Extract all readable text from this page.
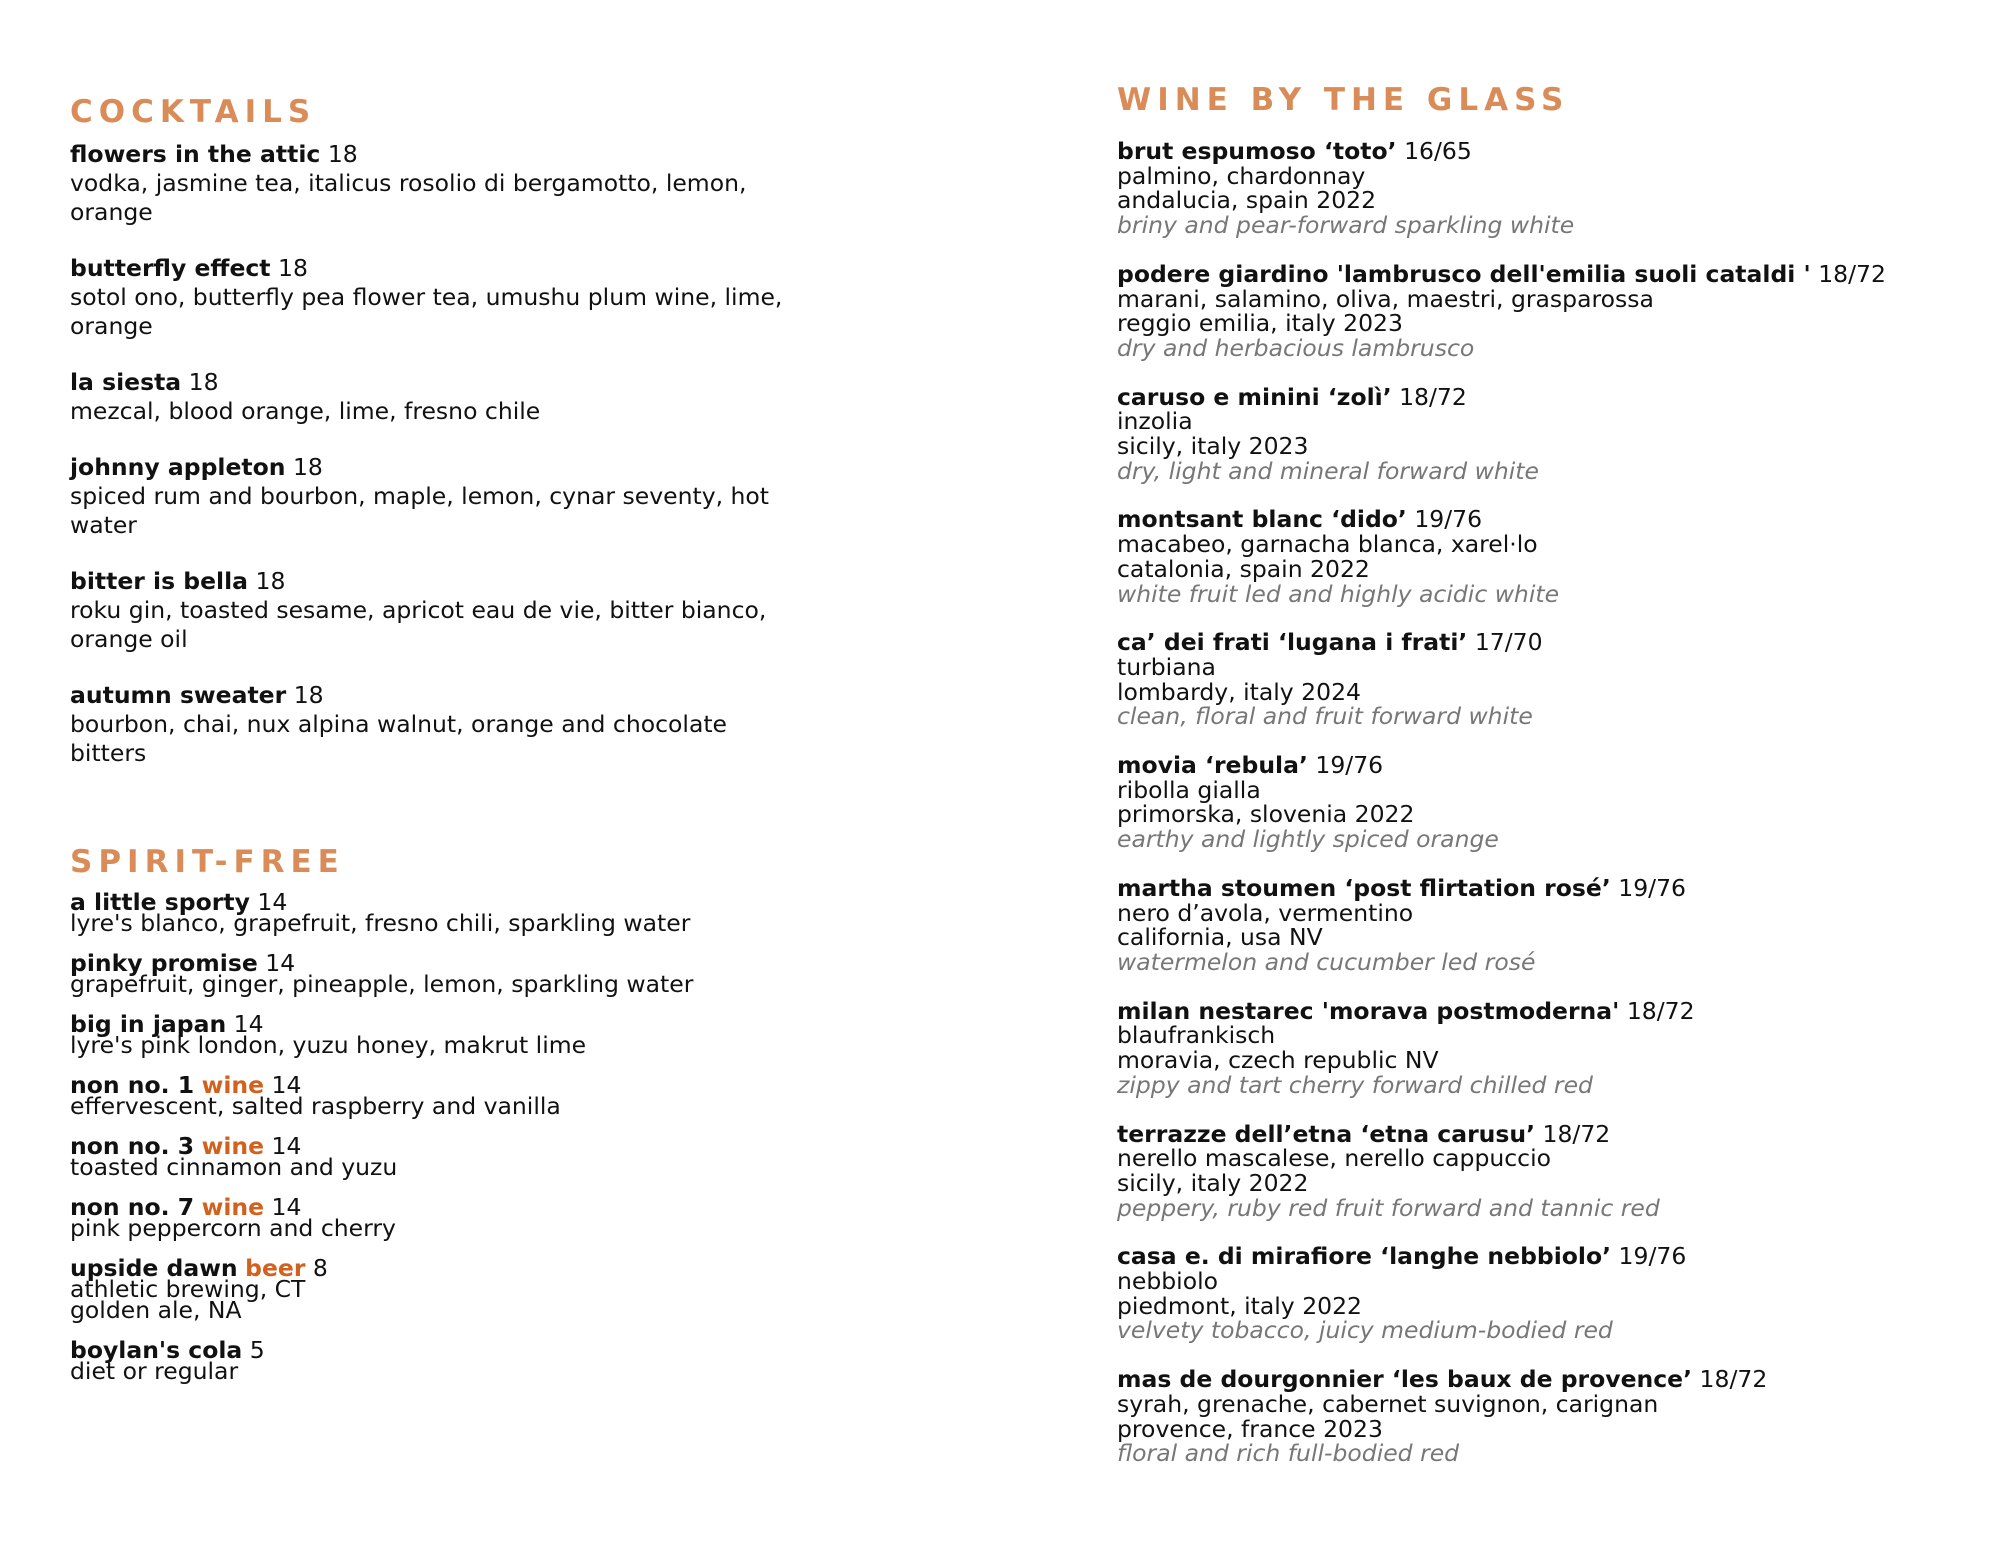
COCKTAILS
flowers in the attic 18
vodka, jasmine tea, italicus rosolio di bergamotto, lemon, orange
butterfly effect 18
sotol ono, butterfly pea flower tea, umushu plum wine, lime, orange
la siesta 18
mezcal, blood orange, lime, fresno chile
johnny appleton 18
spiced rum and bourbon, maple, lemon, cynar seventy, hot water
bitter is bella 18
roku gin, toasted sesame, apricot eau de vie, bitter bianco, orange oil
autumn sweater 18
bourbon, chai, nux alpina walnut, orange and chocolate bitters
SPIRIT-FREE
a little sporty 14
lyre's blanco, grapefruit, fresno chili, sparkling water
pinky promise 14
grapefruit, ginger, pineapple, lemon, sparkling water
big in japan 14
lyre's pink london, yuzu honey, makrut lime
non no. 1 wine 14
effervescent, salted raspberry and vanilla
non no. 3 wine 14
toasted cinnamon and yuzu
non no. 7 wine 14
pink peppercorn and cherry
upside dawn beer 8
athletic brewing, CT
golden ale, NA
boylan's cola 5
diet or regular
WINE BY THE GLASS
brut espumoso ‘toto’ 16/65
palmino, chardonnay
andalucia, spain 2022
briny and pear-forward sparkling white
podere giardino 'lambrusco dell'emilia suoli cataldi ' 18/72
marani, salamino, oliva, maestri, grasparossa
reggio emilia, italy 2023
dry and herbacious lambrusco
caruso e minini ‘zolì’ 18/72
inzolia
sicily, italy 2023
dry, light and mineral forward white
montsant blanc ‘dido’ 19/76
macabeo, garnacha blanca, xarel·lo
catalonia, spain 2022
white fruit led and highly acidic white
ca’ dei frati ‘lugana i frati’ 17/70
turbiana
lombardy, italy 2024
clean, floral and fruit forward white
movia ‘rebula’ 19/76
ribolla gialla
primorska, slovenia 2022
earthy and lightly spiced orange
martha stoumen ‘post flirtation rosé’ 19/76
nero d’avola, vermentino
california, usa NV
watermelon and cucumber led rosé
milan nestarec 'morava postmoderna' 18/72
blaufrankisch
moravia, czech republic NV
zippy and tart cherry forward chilled red
terrazze dell’etna ‘etna carusu’ 18/72
nerello mascalese, nerello cappuccio
sicily, italy 2022
peppery, ruby red fruit forward and tannic red
casa e. di mirafiore ‘langhe nebbiolo’ 19/76
nebbiolo
piedmont, italy 2022
velvety tobacco, juicy medium-bodied red
mas de dourgonnier ‘les baux de provence’ 18/72
syrah, grenache, cabernet suvignon, carignan
provence, france 2023
floral and rich full-bodied red
